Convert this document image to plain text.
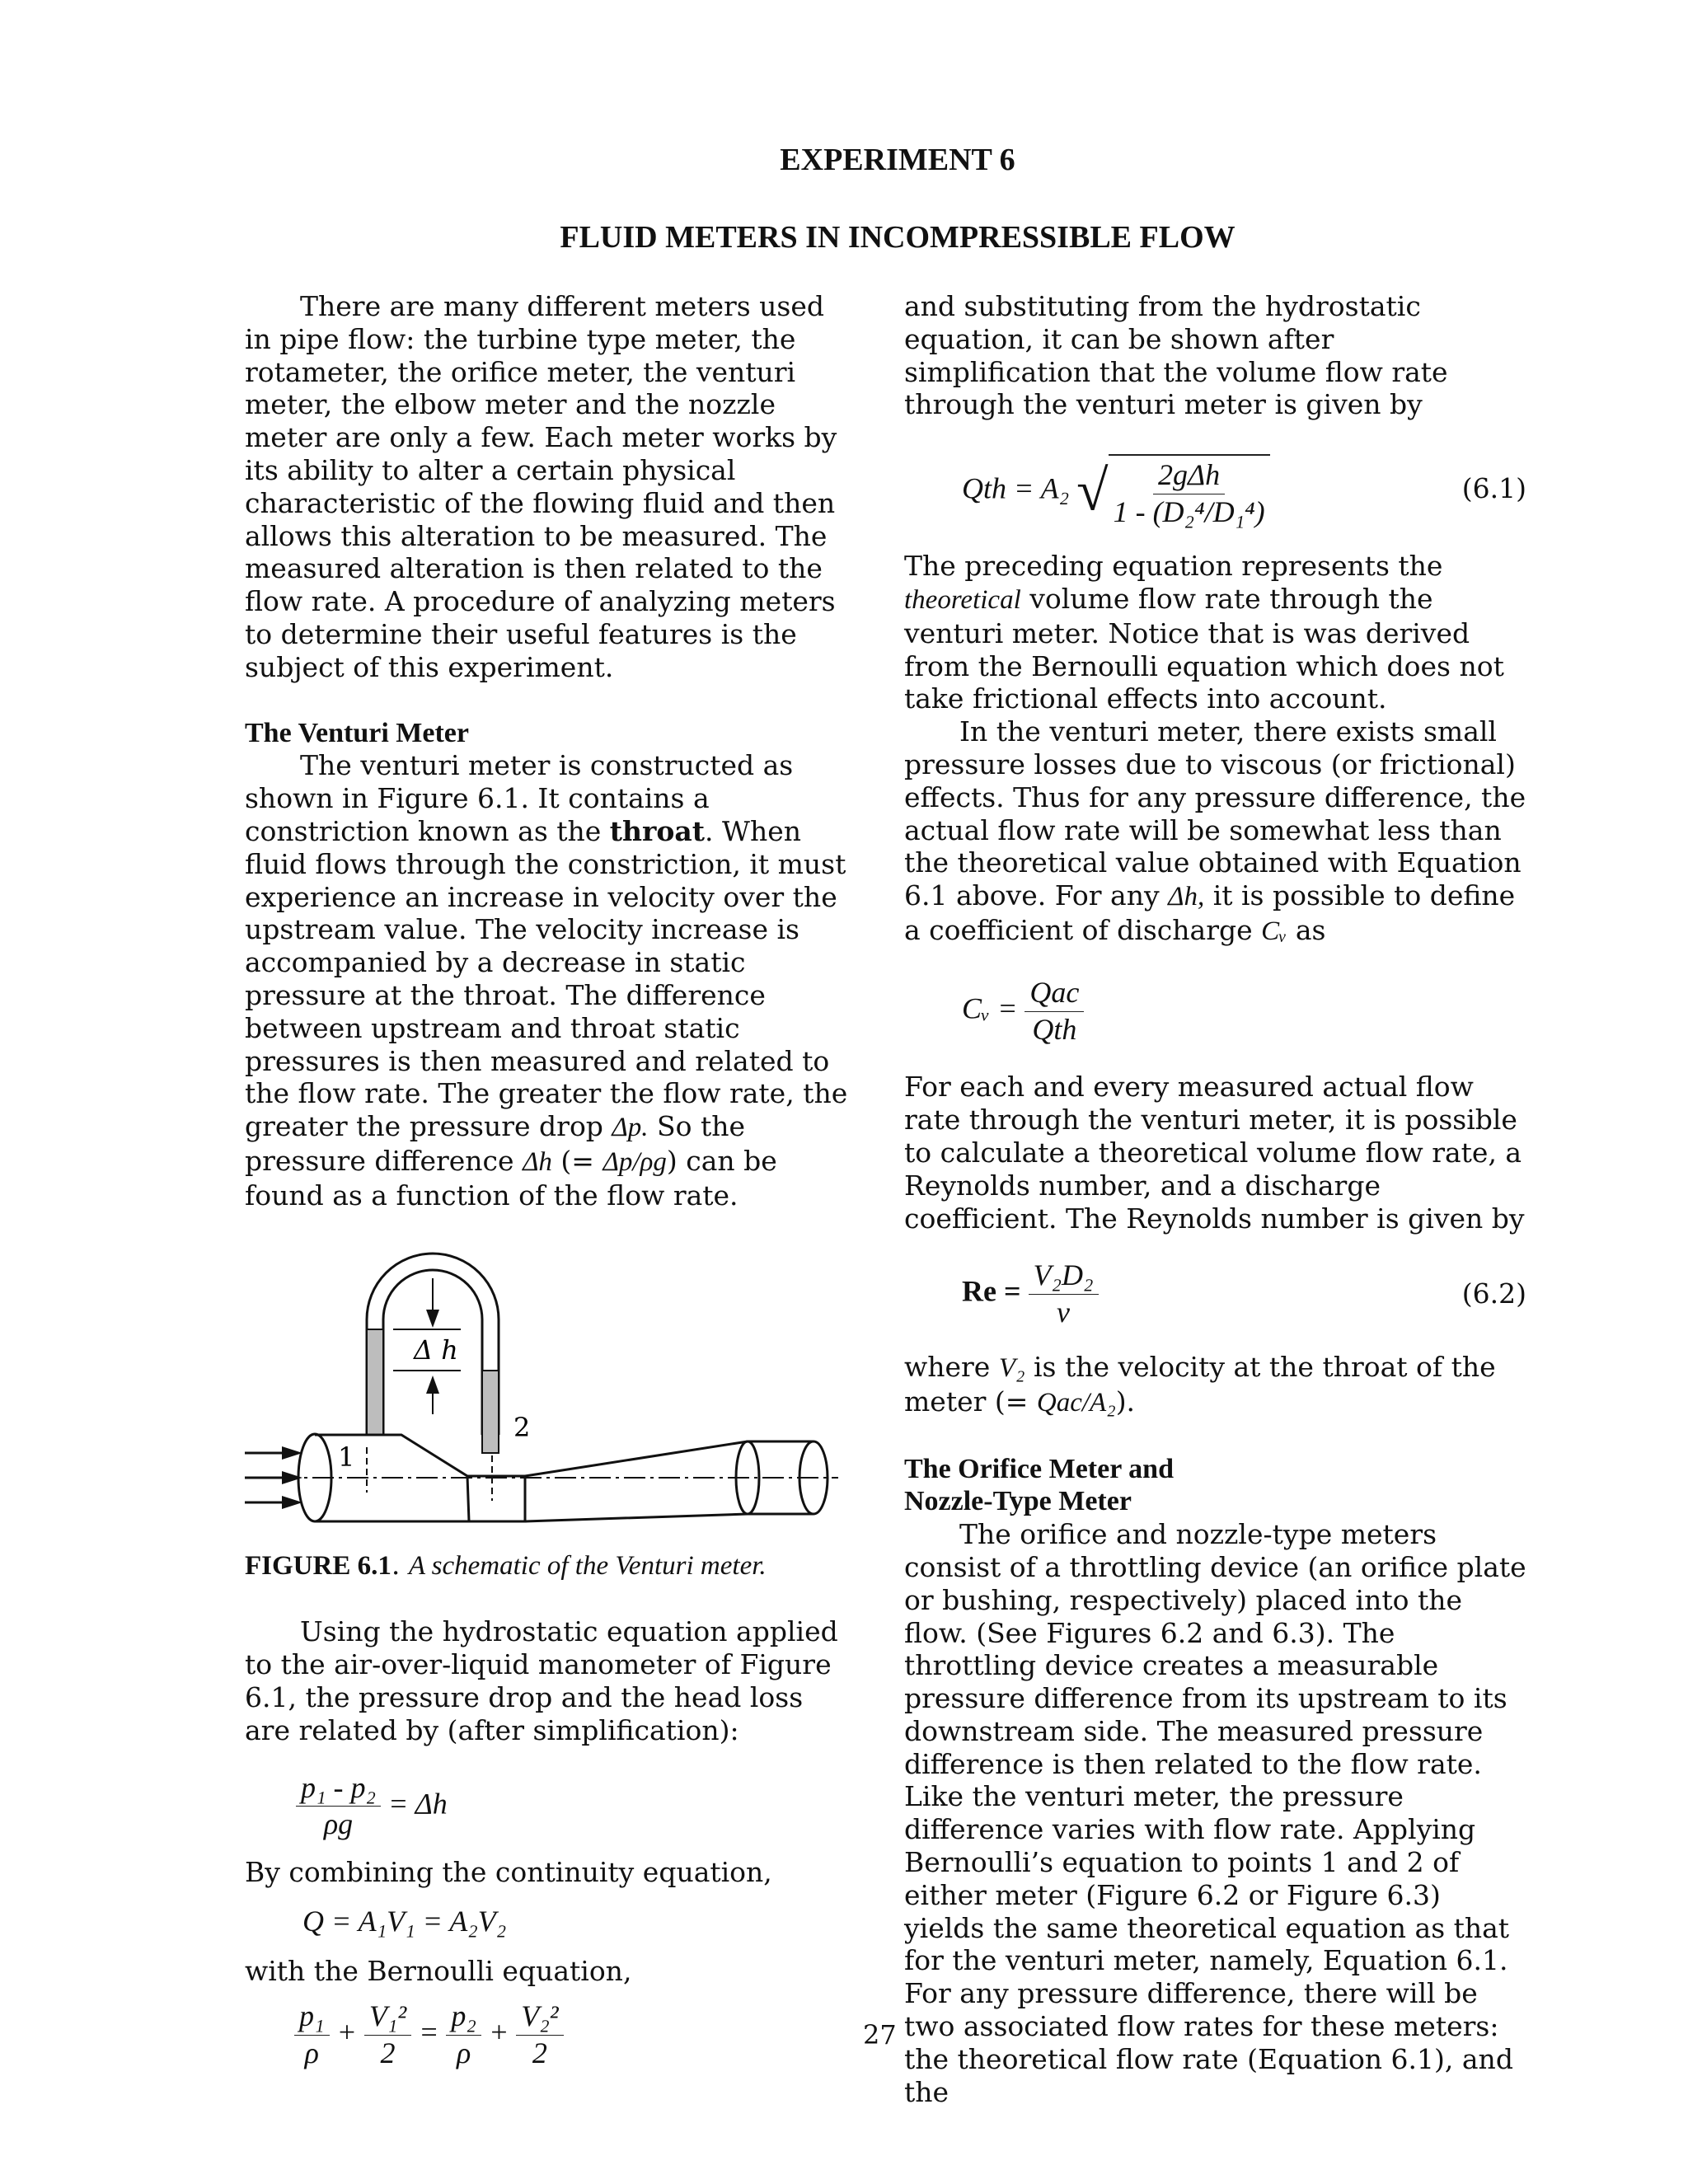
EXPERIMENT 6
FLUID METERS IN INCOMPRESSIBLE FLOW

There are many different meters used in pipe flow: the turbine type meter, the rotameter, the orifice meter, the venturi meter, the elbow meter and the nozzle meter are only a few. Each meter works by its ability to alter a certain physical characteristic of the flowing fluid and then allows this alteration to be measured. The measured alteration is then related to the flow rate. A procedure of analyzing meters to determine their useful features is the subject of this experiment.

The Venturi Meter

The venturi meter is constructed as shown in Figure 6.1. It contains a constriction known as the throat. When fluid flows through the constriction, it must experience an increase in velocity over the upstream value. The velocity increase is accompanied by a decrease in static pressure at the throat. The difference between upstream and throat static pressures is then measured and related to the flow rate. The greater the flow rate, the greater the pressure drop Δp. So the pressure difference Δh (= Δp/ρg) can be found as a function of the flow rate.

Δ h
1
2

FIGURE 6.1. A schematic of the Venturi meter.

Using the hydrostatic equation applied to the air-over-liquid manometer of Figure 6.1, the pressure drop and the head loss are related by (after simplification):

$\frac{\text{p₁ - p₂}}{\rho g} = \Delta h$

By combining the continuity equation,

Q = A₁V₁ = A₂V₂

with the Bernoulli equation,

$\frac{\text{p₁}}{\rho} + \frac{\text{V₁²}}{2} = \frac{\text{p₂}}{\rho} + \frac{\text{V₂²}}{2}$

and substituting from the hydrostatic equation, it can be shown after simplification that the volume flow rate through the venturi meter is given by

Qth = A₂ √ $\frac{\text{2gΔh}}{\text{1 - (D₂⁴/D₁⁴)}}$	(6.1)

The preceding equation represents the theoretical volume flow rate through the venturi meter. Notice that is was derived from the Bernoulli equation which does not take frictional effects into account.

In the venturi meter, there exists small pressure losses due to viscous (or frictional) effects. Thus for any pressure difference, the actual flow rate will be somewhat less than the theoretical value obtained with Equation 6.1 above. For any Δh, it is possible to define a coefficient of discharge Cᵥ as

Cᵥ = $\frac{\text{Qac}}{\text{Qth}}$

For each and every measured actual flow rate through the venturi meter, it is possible to calculate a theoretical volume flow rate, a Reynolds number, and a discharge coefficient. The Reynolds number is given by

$Re = \frac{\text{V₂D₂}}{\nu}$	(6.2)

where V₂ is the velocity at the throat of the meter (= Qac/A₂).

The Orifice Meter and
Nozzle-Type Meter

The orifice and nozzle-type meters consist of a throttling device (an orifice plate or bushing, respectively) placed into the flow. (See Figures 6.2 and 6.3). The throttling device creates a measurable pressure difference from its upstream to its downstream side. The measured pressure difference is then related to the flow rate. Like the venturi meter, the pressure difference varies with flow rate. Applying Bernoulli’s equation to points 1 and 2 of either meter (Figure 6.2 or Figure 6.3) yields the same theoretical equation as that for the venturi meter, namely, Equation 6.1. For any pressure difference, there will be two associated flow rates for these meters: the theoretical flow rate (Equation 6.1), and the

27
